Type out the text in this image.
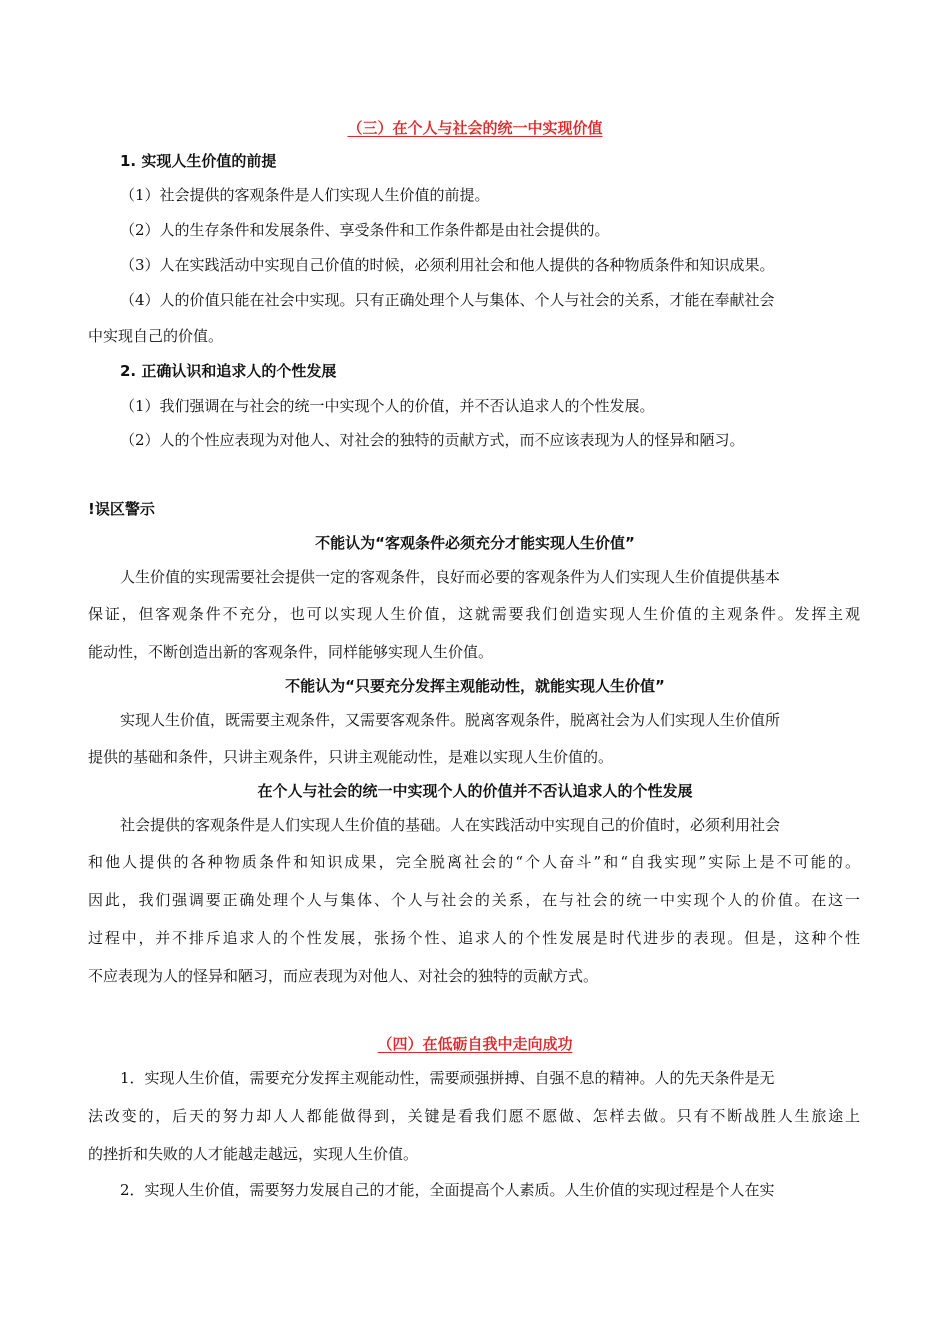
（三）在个人与社会的统一中实现价值
1. 实现人生价值的前提
（1）社会提供的客观条件是人们实现人生价值的前提。
（2）人的生存条件和发展条件、享受条件和工作条件都是由社会提供的。
（3）人在实践活动中实现自己价值的时候，必须利用社会和他人提供的各种物质条件和知识成果。
（4）人的价值只能在社会中实现。只有正确处理个人与集体、个人与社会的关系，才能在奉献社会
中实现自己的价值。
2. 正确认识和追求人的个性发展
（1）我们强调在与社会的统一中实现个人的价值，并不否认追求人的个性发展。
（2）人的个性应表现为对他人、对社会的独特的贡献方式，而不应该表现为人的怪异和陋习。
!误区警示
不能认为“客观条件必须充分才能实现人生价值”
人生价值的实现需要社会提供一定的客观条件，良好而必要的客观条件为人们实现人生价值提供基本
保证，但客观条件不充分，也可以实现人生价值，这就需要我们创造实现人生价值的主观条件。发挥主观
能动性，不断创造出新的客观条件，同样能够实现人生价值。
不能认为“只要充分发挥主观能动性，就能实现人生价值”
实现人生价值，既需要主观条件，又需要客观条件。脱离客观条件，脱离社会为人们实现人生价值所
提供的基础和条件，只讲主观条件，只讲主观能动性，是难以实现人生价值的。
在个人与社会的统一中实现个人的价值并不否认追求人的个性发展
社会提供的客观条件是人们实现人生价值的基础。人在实践活动中实现自己的价值时，必须利用社会
和他人提供的各种物质条件和知识成果，完全脱离社会的“个人奋斗”和“自我实现”实际上是不可能的。
因此，我们强调要正确处理个人与集体、个人与社会的关系，在与社会的统一中实现个人的价值。在这一
过程中，并不排斥追求人的个性发展，张扬个性、追求人的个性发展是时代进步的表现。但是，这种个性
不应表现为人的怪异和陋习，而应表现为对他人、对社会的独特的贡献方式。
（四）在低砺自我中走向成功
1．实现人生价值，需要充分发挥主观能动性，需要顽强拼搏、自强不息的精神。人的先天条件是无
法改变的，后天的努力却人人都能做得到，关键是看我们愿不愿做、怎样去做。只有不断战胜人生旅途上
的挫折和失败的人才能越走越远，实现人生价值。
2．实现人生价值，需要努力发展自己的才能，全面提高个人素质。人生价值的实现过程是个人在实
